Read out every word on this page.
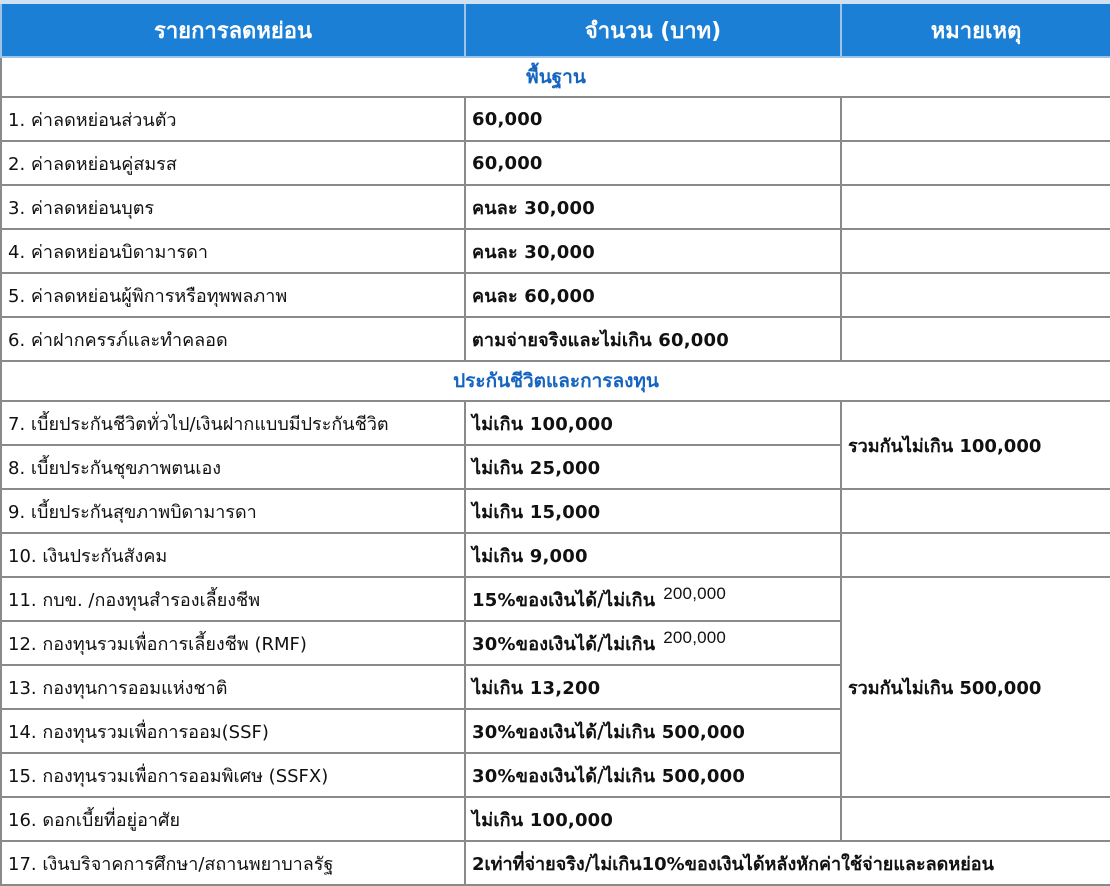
รายการลดหย่อน	จำนวน (บาท)	หมายเหตุ
พื้นฐาน		
1. ค่าลดหย่อนส่วนตัว	60,000	
2. ค่าลดหย่อนคู่สมรส	60,000	
3. ค่าลดหย่อนบุตร	คนละ 30,000	
4. ค่าลดหย่อนบิดามารดา	คนละ 30,000	
5. ค่าลดหย่อนผู้พิการหรือทุพพลภาพ	คนละ 60,000	
6. ค่าฝากครรภ์และทำคลอด	ตามจ่ายจริงและไม่เกิน 60,000	
ประกันชีวิตและการลงทุน		
7. เบี้ยประกันชีวิตทั่วไป/เงินฝากแบบมีประกันชีวิต	ไม่เกิน 100,000	รวมกันไม่เกิน 100,000
8. เบี้ยประกันชุขภาพตนเอง	ไม่เกิน 25,000	
9. เบี้ยประกันสุขภาพบิดามารดา	ไม่เกิน 15,000	
10. เงินประกันสังคม	ไม่เกิน 9,000	
11. กบข. /กองทุนสำรองเลี้ยงชีพ	15%ของเงินได้/ไม่เกิน 200,000	รวมกันไม่เกิน 500,000
12. กองทุนรวมเพื่อการเลี้ยงชีพ (RMF)	30%ของเงินได้/ไม่เกิน 200,000	
13. กองทุนการออมแห่งชาติ	ไม่เกิน 13,200	
14. กองทุนรวมเพื่อการออม(SSF)	30%ของเงินได้/ไม่เกิน 500,000	
15. กองทุนรวมเพื่อการออมพิเศษ (SSFX)	30%ของเงินได้/ไม่เกิน 500,000	
16. ดอกเบี้ยที่อยู่อาศัย	ไม่เกิน 100,000	
17. เงินบริจาคการศึกษา/สถานพยาบาลรัฐ	2เท่าที่จ่ายจริง/ไม่เกิน10%ของเงินได้หลังหักค่าใช้จ่ายและลดหย่อน	
